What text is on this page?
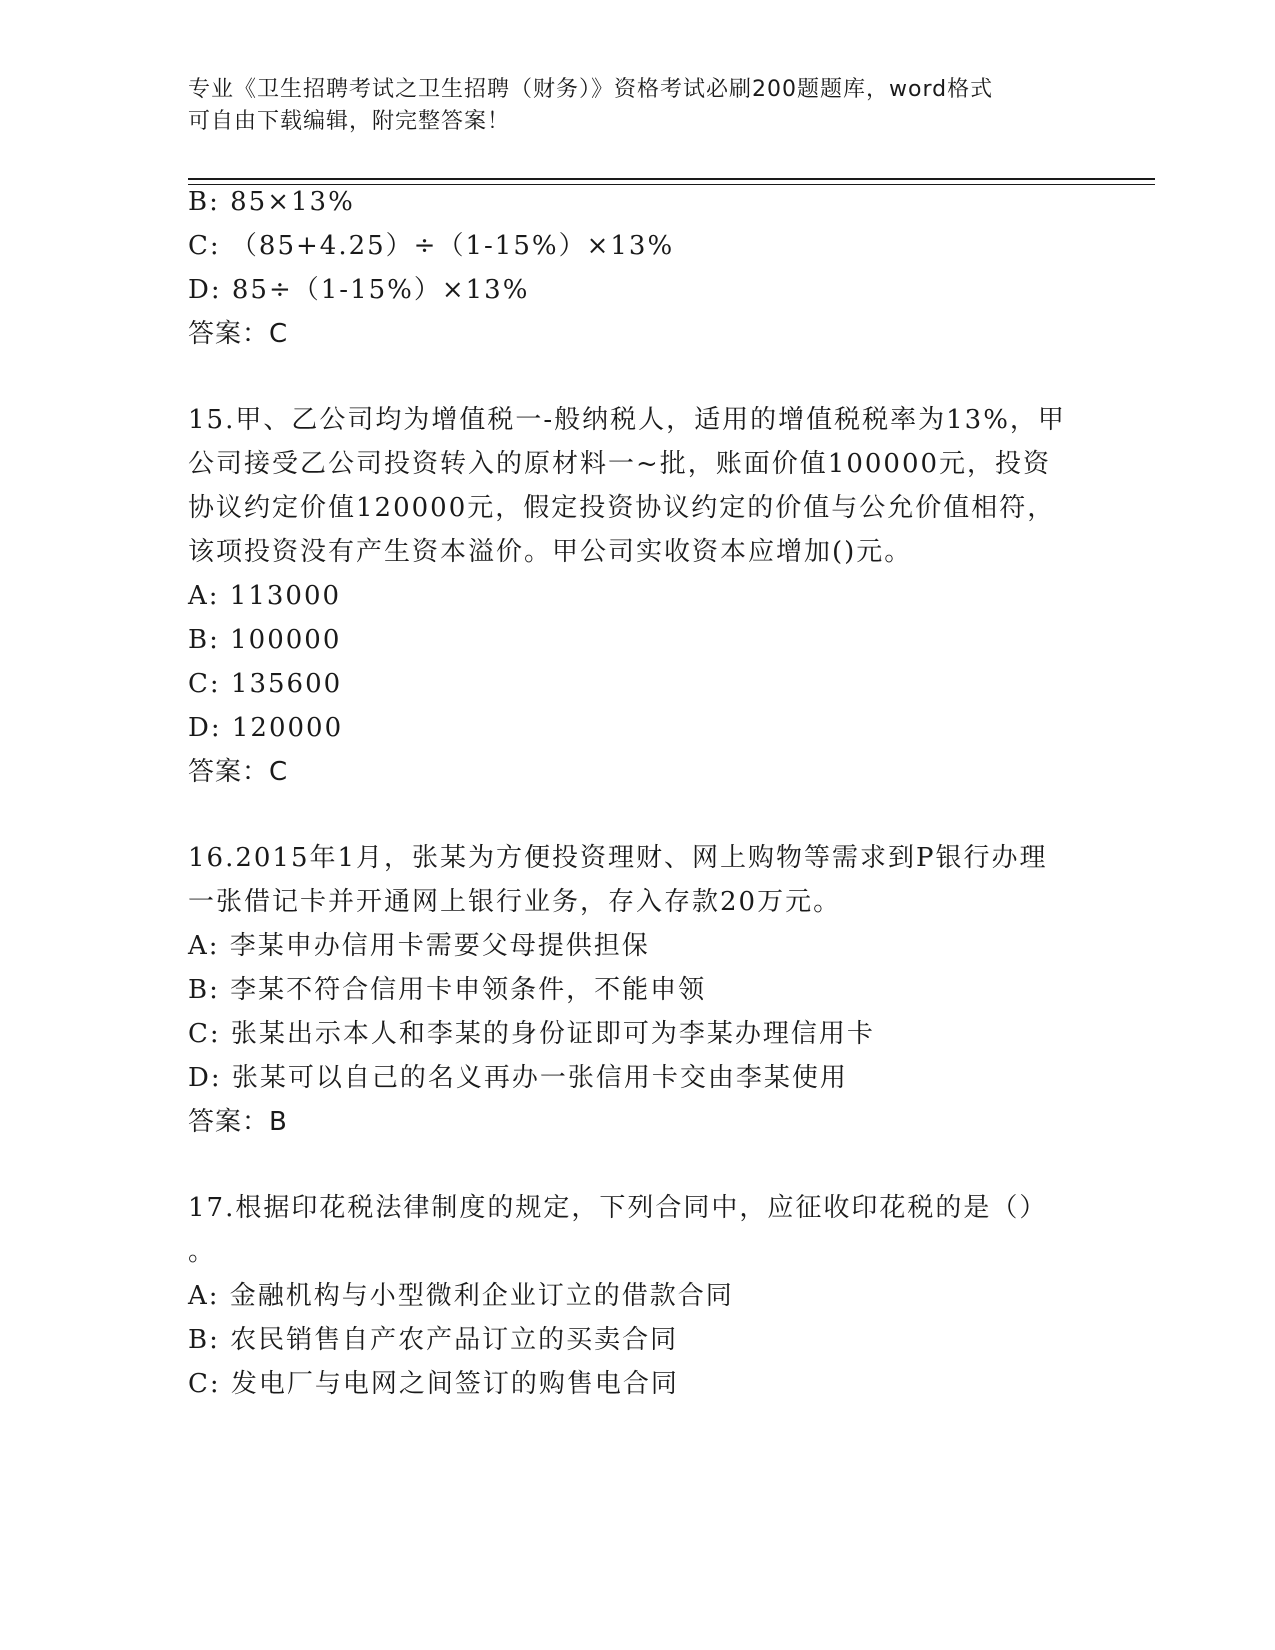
专业《卫生招聘考试之卫生招聘（财务）》资格考试必刷200题题库，word格式
可自由下载编辑，附完整答案！
B: 85×13%
C: （85+4.25）÷（1-15%）×13%
D: 85÷（1-15%）×13%
答案：C
15.甲、乙公司均为增值税一-般纳税人，适用的增值税税率为13%，甲
公司接受乙公司投资转入的原材料一~批，账面价值100000元，投资
协议约定价值120000元，假定投资协议约定的价值与公允价值相符，
该项投资没有产生资本溢价。甲公司实收资本应增加()元。
A: 113000
B: 100000
C: 135600
D: 120000
答案：C
16.2015年1月，张某为方便投资理财、网上购物等需求到P银行办理
一张借记卡并开通网上银行业务，存入存款20万元。
A: 李某申办信用卡需要父母提供担保
B: 李某不符合信用卡申领条件，不能申领
C: 张某出示本人和李某的身份证即可为李某办理信用卡
D: 张某可以自己的名义再办一张信用卡交由李某使用
答案：B
17.根据印花税法律制度的规定，下列合同中，应征收印花税的是（）
。
A: 金融机构与小型微利企业订立的借款合同
B: 农民销售自产农产品订立的买卖合同
C: 发电厂与电网之间签订的购售电合同
